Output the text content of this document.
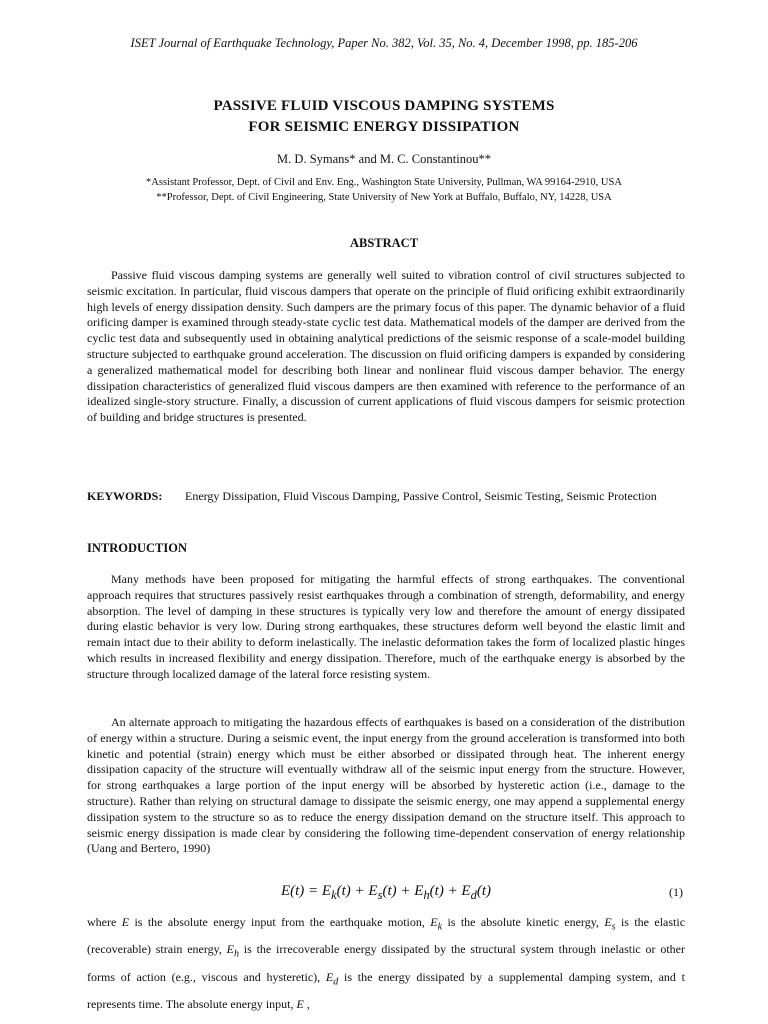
ISET Journal of Earthquake Technology, Paper No. 382, Vol. 35, No. 4, December 1998, pp. 185-206
PASSIVE FLUID VISCOUS DAMPING SYSTEMS
FOR SEISMIC ENERGY DISSIPATION
M. D. Symans* and M. C. Constantinou**
*Assistant Professor, Dept. of Civil and Env. Eng., Washington State University, Pullman, WA 99164-2910, USA
**Professor, Dept. of Civil Engineering, State University of New York at Buffalo, Buffalo, NY, 14228, USA
ABSTRACT

Passive fluid viscous damping systems are generally well suited to vibration control of civil structures subjected to seismic excitation. In particular, fluid viscous dampers that operate on the principle of fluid orificing exhibit extraordinarily high levels of energy dissipation density. Such dampers are the primary focus of this paper. The dynamic behavior of a fluid orificing damper is examined through steady-state cyclic test data. Mathematical models of the damper are derived from the cyclic test data and subsequently used in obtaining analytical predictions of the seismic response of a scale-model building structure subjected to earthquake ground acceleration. The discussion on fluid orificing dampers is expanded by considering a generalized mathematical model for describing both linear and nonlinear fluid viscous damper behavior. The energy dissipation characteristics of generalized fluid viscous dampers are then examined with reference to the performance of an idealized single-story structure. Finally, a discussion of current applications of fluid viscous dampers for seismic protection of building and bridge structures is presented.

KEYWORDS:	Energy Dissipation, Fluid Viscous Damping, Passive Control, Seismic Testing, Seismic Protection
INTRODUCTION

Many methods have been proposed for mitigating the harmful effects of strong earthquakes. The conventional approach requires that structures passively resist earthquakes through a combination of strength, deformability, and energy absorption. The level of damping in these structures is typically very low and therefore the amount of energy dissipated during elastic behavior is very low. During strong earthquakes, these structures deform well beyond the elastic limit and remain intact due to their ability to deform inelastically. The inelastic deformation takes the form of localized plastic hinges which results in increased flexibility and energy dissipation. Therefore, much of the earthquake energy is absorbed by the structure through localized damage of the lateral force resisting system.

An alternate approach to mitigating the hazardous effects of earthquakes is based on a consideration of the distribution of energy within a structure. During a seismic event, the input energy from the ground acceleration is transformed into both kinetic and potential (strain) energy which must be either absorbed or dissipated through heat. The inherent energy dissipation capacity of the structure will eventually withdraw all of the seismic input energy from the structure. However, for strong earthquakes a large portion of the input energy will be absorbed by hysteretic action (i.e., damage to the structure). Rather than relying on structural damage to dissipate the seismic energy, one may append a supplemental energy dissipation system to the structure so as to reduce the energy dissipation demand on the structure itself. This approach to seismic energy dissipation is made clear by considering the following time-dependent conservation of energy relationship (Uang and Bertero, 1990)

$E(t) = E_k(t) + E_s(t) + E_h(t) + E_d(t)$	(1)

where E is the absolute energy input from the earthquake motion, $E_k$ is the absolute kinetic energy, $E_s$ is the elastic (recoverable) strain energy, $E_h$ is the irrecoverable energy dissipated by the structural system through inelastic or other forms of action (e.g., viscous and hysteretic), $E_d$ is the energy dissipated by a supplemental damping system, and t represents time. The absolute energy input, E ,
